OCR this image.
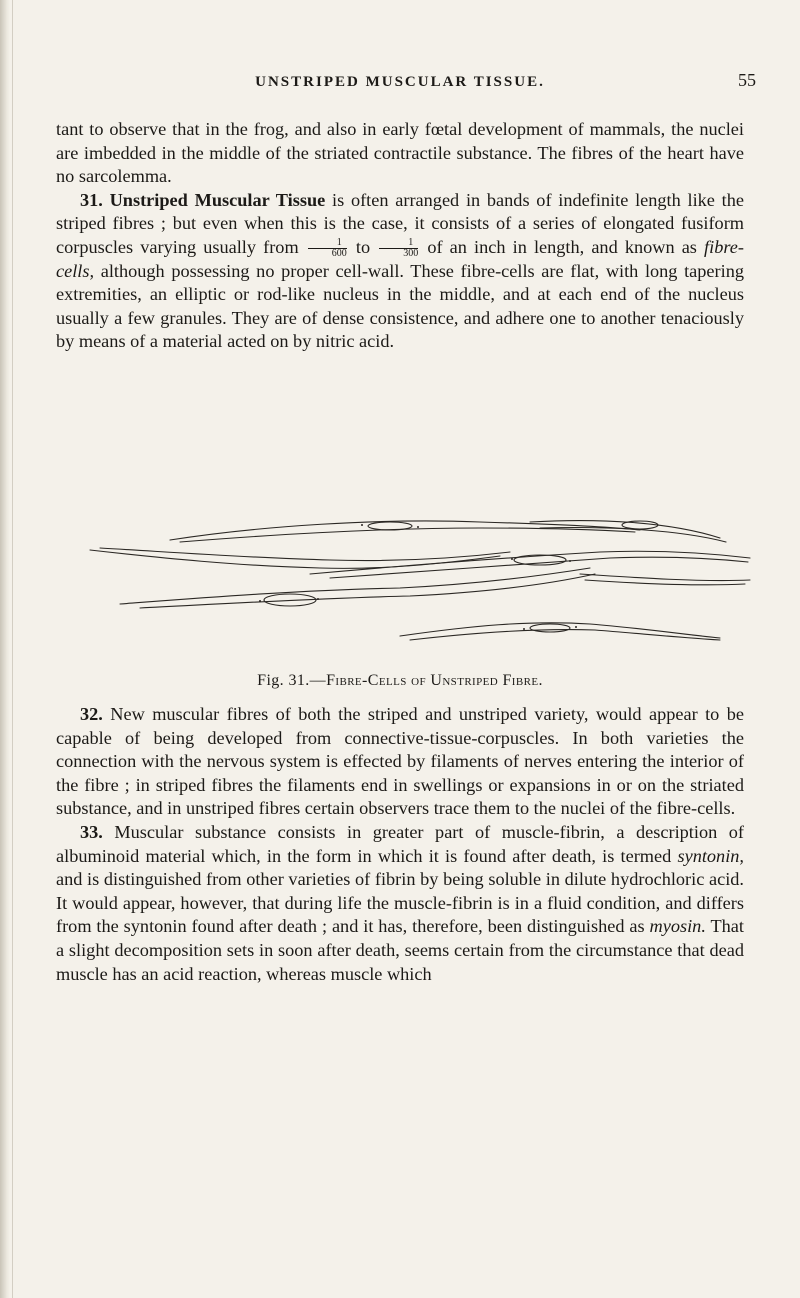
UNSTRIPED MUSCULAR TISSUE.	55

tant to observe that in the frog, and also in early fœtal development of mammals, the nuclei are imbedded in the middle of the striated contractile substance. The fibres of the heart have no sarcolemma.

31. Unstriped Muscular Tissue is often arranged in bands of indefinite length like the striped fibres ; but even when this is the case, it consists of a series of elongated fusiform corpuscles varying usually from $\frac{1}{600}$ to $\frac{1}{300}$ of an inch in length, and known as fibre-cells, although possessing no proper cell-wall. These fibre-cells are flat, with long tapering extremities, an elliptic or rod-like nucleus in the middle, and at each end of the nucleus usually a few granules. They are of dense consistence, and adhere one to another tenaciously by means of a material acted on by nitric acid.

Fig. 31.—Fibre-Cells of Unstriped Fibre.

32. New muscular fibres of both the striped and unstriped variety, would appear to be capable of being developed from connective-tissue-corpuscles. In both varieties the connection with the nervous system is effected by filaments of nerves entering the interior of the fibre ; in striped fibres the filaments end in swellings or expansions in or on the striated substance, and in unstriped fibres certain observers trace them to the nuclei of the fibre-cells.

33. Muscular substance consists in greater part of muscle-fibrin, a description of albuminoid material which, in the form in which it is found after death, is termed syntonin, and is distinguished from other varieties of fibrin by being soluble in dilute hydrochloric acid. It would appear, however, that during life the muscle-fibrin is in a fluid condition, and differs from the syntonin found after death ; and it has, therefore, been distinguished as myosin. That a slight decomposition sets in soon after death, seems certain from the circumstance that dead muscle has an acid reaction, whereas muscle which
